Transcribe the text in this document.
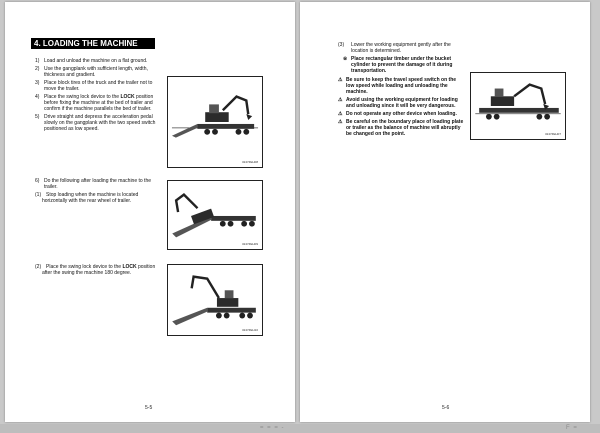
4. LOADING THE MACHINE
1) Load and unload the machine on a flat ground.
2) Use the gangplank with sufficient length, width, thickness and gradient.
3) Place block tires of the truck and the trailer not to move the trailer.
4) Place the swing lock device to the LOCK position before fixing the machine at the bed of trailer and confirm if the machine parallels the bed of trailer.
5) Drive straight and depress the acceleration pedal slowly on the gangplank with the two speed switch positioned as low speed.
3247ZEH08
6) Do the following after loading the machine to the trailer.
(1) Stop loading when the machine is located horizontally with the rear wheel of trailer.
3247ZEH09
(2) Place the swing lock device to the LOCK position after the swing the machine 180 degree.
3247ZEH10
5-5
(3) Lower the working equipment gently after the location is determined.
※ Place rectangular timber under the bucket cylinder to prevent the damage of it during transportation.
⚠ Be sure to keep the travel speed switch on the low speed while loading and unloading the machine.
⚠ Avoid using the working equipment for loading and unloading since it will be very dangerous.
⚠ Do not operate any other device when loading.
⚠ Be careful on the boundary place of loading plate or trailer as the balance of machine will abruptly be changed on the point.	3247ZEH07
5-6
= = = -	F =
